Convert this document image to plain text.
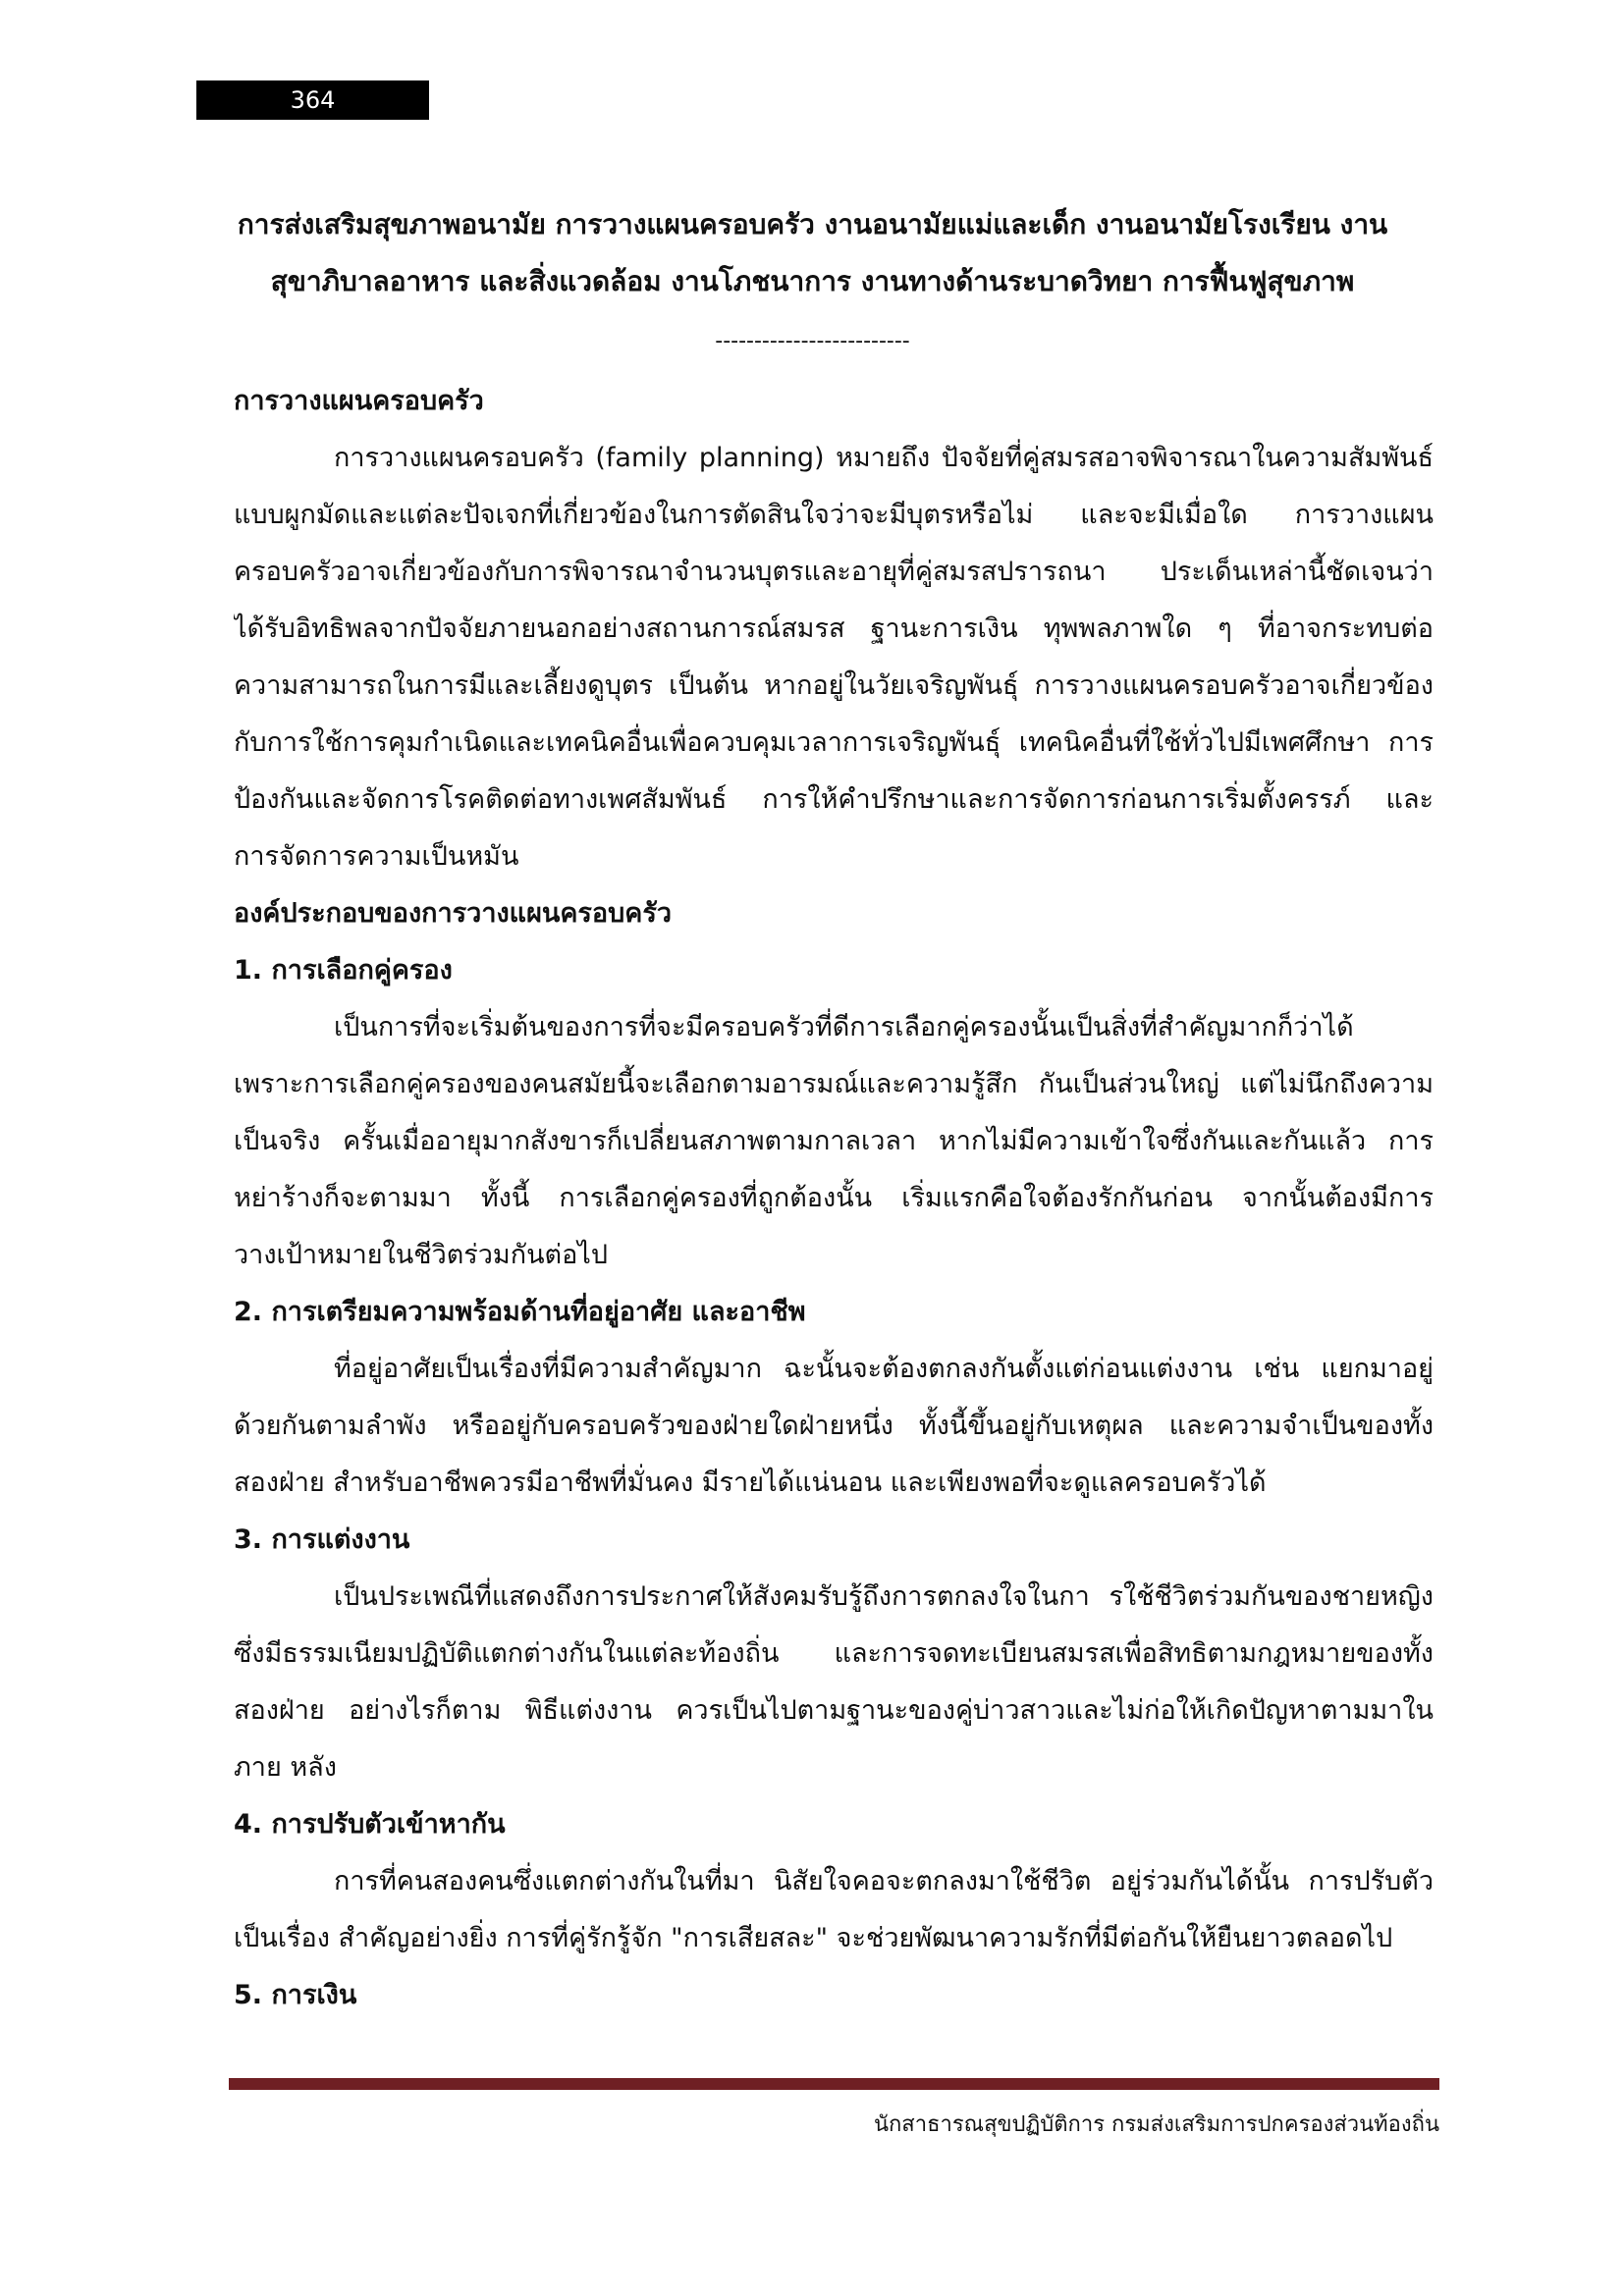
364
การส่งเสริมสุขภาพอนามัย การวางแผนครอบครัว งานอนามัยแม่และเด็ก งานอนามัยโรงเรียน งาน
สุขาภิบาลอาหาร และสิ่งแวดล้อม งานโภชนาการ งานทางด้านระบาดวิทยา การฟื้นฟูสุขภาพ
-------------------------
การวางแผนครอบครัว
การวางแผนครอบครัว (family planning) หมายถึง ปัจจัยที่คู่สมรสอาจพิจารณาในความสัมพันธ์
แบบผูกมัดและแต่ละปัจเจกที่เกี่ยวข้องในการตัดสินใจว่าจะมีบุตรหรือไม่ และจะมีเมื่อใด การวางแผน
ครอบครัวอาจเกี่ยวข้องกับการพิจารณาจำนวนบุตรและอายุที่คู่สมรสปรารถนา ประเด็นเหล่านี้ชัดเจนว่า
ได้รับอิทธิพลจากปัจจัยภายนอกอย่างสถานการณ์สมรส ฐานะการเงิน ทุพพลภาพใด ๆ ที่อาจกระทบต่อ
ความสามารถในการมีและเลี้ยงดูบุตร เป็นต้น หากอยู่ในวัยเจริญพันธุ์ การวางแผนครอบครัวอาจเกี่ยวข้อง
กับการใช้การคุมกำเนิดและเทคนิคอื่นเพื่อควบคุมเวลาการเจริญพันธุ์ เทคนิคอื่นที่ใช้ทั่วไปมีเพศศึกษา การ
ป้องกันและจัดการโรคติดต่อทางเพศสัมพันธ์ การให้คำปรึกษาและการจัดการก่อนการเริ่มตั้งครรภ์ และ
การจัดการความเป็นหมัน
องค์ประกอบของการวางแผนครอบครัว
1. การเลือกคู่ครอง
เป็นการที่จะเริ่มต้นของการที่จะมีครอบครัวที่ดีการเลือกคู่ครองนั้นเป็นสิ่งที่สำคัญมากก็ว่าได้
เพราะการเลือกคู่ครองของคนสมัยนี้จะเลือกตามอารมณ์และความรู้สึก กันเป็นส่วนใหญ่ แต่ไม่นึกถึงความ
เป็นจริง ครั้นเมื่ออายุมากสังขารก็เปลี่ยนสภาพตามกาลเวลา หากไม่มีความเข้าใจซึ่งกันและกันแล้ว การ
หย่าร้างก็จะตามมา ทั้งนี้ การเลือกคู่ครองที่ถูกต้องนั้น เริ่มแรกคือใจต้องรักกันก่อน จากนั้นต้องมีการ
วางเป้าหมายในชีวิตร่วมกันต่อไป
2. การเตรียมความพร้อมด้านที่อยู่อาศัย และอาชีพ
ที่อยู่อาศัยเป็นเรื่องที่มีความสำคัญมาก ฉะนั้นจะต้องตกลงกันตั้งแต่ก่อนแต่งงาน เช่น แยกมาอยู่
ด้วยกันตามลำพัง หรืออยู่กับครอบครัวของฝ่ายใดฝ่ายหนึ่ง ทั้งนี้ขึ้นอยู่กับเหตุผล และความจำเป็นของทั้ง
สองฝ่าย สำหรับอาชีพควรมีอาชีพที่มั่นคง มีรายได้แน่นอน และเพียงพอที่จะดูแลครอบครัวได้
3. การแต่งงาน
เป็นประเพณีที่แสดงถึงการประกาศให้สังคมรับรู้ถึงการตกลงใจในกา รใช้ชีวิตร่วมกันของชายหญิง
ซึ่งมีธรรมเนียมปฏิบัติแตกต่างกันในแต่ละท้องถิ่น และการจดทะเบียนสมรสเพื่อสิทธิตามกฎหมายของทั้ง
สองฝ่าย อย่างไรก็ตาม พิธีแต่งงาน ควรเป็นไปตามฐานะของคู่บ่าวสาวและไม่ก่อให้เกิดปัญหาตามมาใน
ภาย หลัง
4. การปรับตัวเข้าหากัน
การที่คนสองคนซึ่งแตกต่างกันในที่มา นิสัยใจคอจะตกลงมาใช้ชีวิต อยู่ร่วมกันได้นั้น การปรับตัว
เป็นเรื่อง สำคัญอย่างยิ่ง การที่คู่รักรู้จัก "การเสียสละ" จะช่วยพัฒนาความรักที่มีต่อกันให้ยืนยาวตลอดไป
5. การเงิน
นักสาธารณสุขปฏิบัติการ กรมส่งเสริมการปกครองส่วนท้องถิ่น
